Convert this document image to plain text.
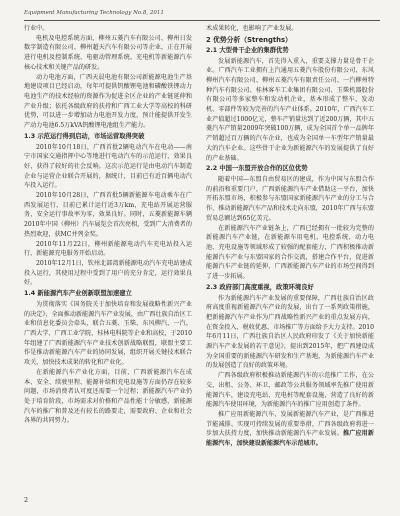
Equipment Manufacturing Technology No.8, 2011

行业中。

电机及电控系统方面，柳州五菱汽车有限公司、柳州日发数字制造有限公司、柳州超天汽车有限公司等企业，正在开展进行电机及控制系统、电驱动管理系统、充电机等新能源汽车核心技术和关键产品的研发。

动力电池方面，广西天晨电池有限公司新能源电池生产基地建设项目已经启动，每年可提供钒酸锂电池和磷酸铁锂动力电池生产的技术经验的资源作为促进全区企业的产业链延伸和产业升级；依托各级政府的扶持和广西工业大学等高校的科研优势，可以进一步增加动力电池开发力度，预计能提供开发生产动力电池6.5万kVA钒酸锂电池组生产能力。

1.3 示范运行得到启动，市场运营取得突破

2010年10月18日，广西首批2辆电动汽车在电动——南宁市国家交通指挥中心等地进行电动汽车的示范运行，效果良好，获得了较好的社会反响。这次示范运行是由电动汽车制造企业与运营企业联合开展的，据统计，目前已有近百辆电动汽车投入运行。

2010年10月28日，广西首批5辆新能源车电动乘车在广西发展运行，目前已累计运行近3万km，充电站开展运营服务，安全运行事故率为零，效果良好。同时，五菱新能源车辆2010年中国（柳州）汽车展览会首次亮相，受到广大消费者的热烈欢迎，获MC并列金奖。

2010年11月22日，柳州新能源电动汽车充电站投入运行，新能源充电服务开始启动。

2010年12月1日，钦州北部湾新能源电动汽车充电站建成投入运行，其使用过程中受到了用户的充分肯定，运行效果良好。

1.4 新能源汽车产业创新联盟加速建立

为贯彻落实《国务院关于加快培育和发展战略性新兴产业的决定》，全面推动新能源汽车产业发展，由广西壮族自治区工业和信息化委员会牵头，联合五菱、玉柴、东风柳汽、一汽、广西大学、广西工业学院、桂林电科院等企业和高校，于2010年组建了广西新能源汽车产业技术创新战略联盟，联盟主要工作是推动新能源汽车产业的协同发展，组织开展关键技术联合攻关，加快技术成果的转化和产业化。

在新能源汽车产业化方面，目前，广西新能源汽车在成本、安全、续驶里程、能源补给和充电设施等方面仍存在较多问题，市场消费者认可度还需要一个过程；新能源汽车产业仍处于培育阶段，市场需求对价格和产品性能十分敏感，新能源汽车的推广和普及还有较长的路要走，需要政府、企业和社会各界的共同努力。

术成果转化，也影响了产业发展。

2 优势分析（Strengths）
2.1 大型骨干企业的集群优势

发展新能源汽车，首先得入重入，重要支撑力量是骨干企业。广西汽车工业拥有上汽通用五菱汽车股份有限公司、东风柳州汽车有限公司、柳州五菱汽车有限责任公司、一汽柳州特种汽车有限公司、桂林客车工业集团有限公司、玉柴机器股份有限公司等多家整车和发动机企业，基本形成了整车、发动机、零部件等较为完善的汽车产业体系。2010年，广西汽车工业产值超过1000亿元，整车产销量达到了近200万辆，其中五菱汽车产销量2009年突破100万辆，成为全国首个单一品牌年产销超过百万辆的汽车企业，也成为全国单一车型年产销量最大的汽车企业。这些骨干企业为新能源汽车的发展提供了良好的产业基础。

2.2 中国一东盟开放合作的区位优势

随着中国—东盟自由贸易区的建成，作为中国与东盟合作的前沿和重要门户，广西新能源汽车产业借助这一平台，加快开拓东盟市场，积极参与东盟国家新能源汽车产业的分工与合作，推动新能源汽车产品和技术走向东盟，2010年广西与东盟贸易总额达到65亿美元。

在新能源汽车产业链条上，广西已经拥有一批较为完整的新能源汽车产业链，在新能源车用电机、电控系统、动力电池、充电设施等领域形成了较强的配套能力，广西积极推动新能源汽车产业与东盟国家的合作交流，搭建合作平台，促进新能源汽车产业链的延伸，广西新能源汽车产业的市场空间得到了进一步拓展。

2.3 政府部门高度重视，政策环境良好

作为新能源汽车产业发展的重要保障，广西壮族自治区政府高度重视新能源汽车产业的发展，出台了一系列政策措施，把新能源汽车产业作为广西战略性新兴产业的重点发展方向，在资金投入、税收优惠、市场推广等方面给予大力支持。2010年6月11日，广西壮族自治区人民政府印发了《关于加快新能源汽车产业发展的若干意见》，提出到2015年，把广西建设成为全国重要的新能源汽车研发和生产基地，为新能源汽车产业的发展创造了良好的政策环境。

广西各级政府积极推动新能源汽车的示范推广工作，在公交、出租、公务、环卫、邮政等公共服务领域率先推广使用新能源汽车，建设充电站、充电桩等配套设施，营造了良好的新能源汽车使用环境，为新能源汽车的推广应用创造了条件。

推广应用新能源汽车，发展新能源汽车产业，是广西推进节能减排、实现可持续发展的重要举措，广西各级政府将进一步加大扶持力度，加快推动新能源汽车产业发展。推广应用新能源汽车，加快建设新能源汽车示范城市。

2
